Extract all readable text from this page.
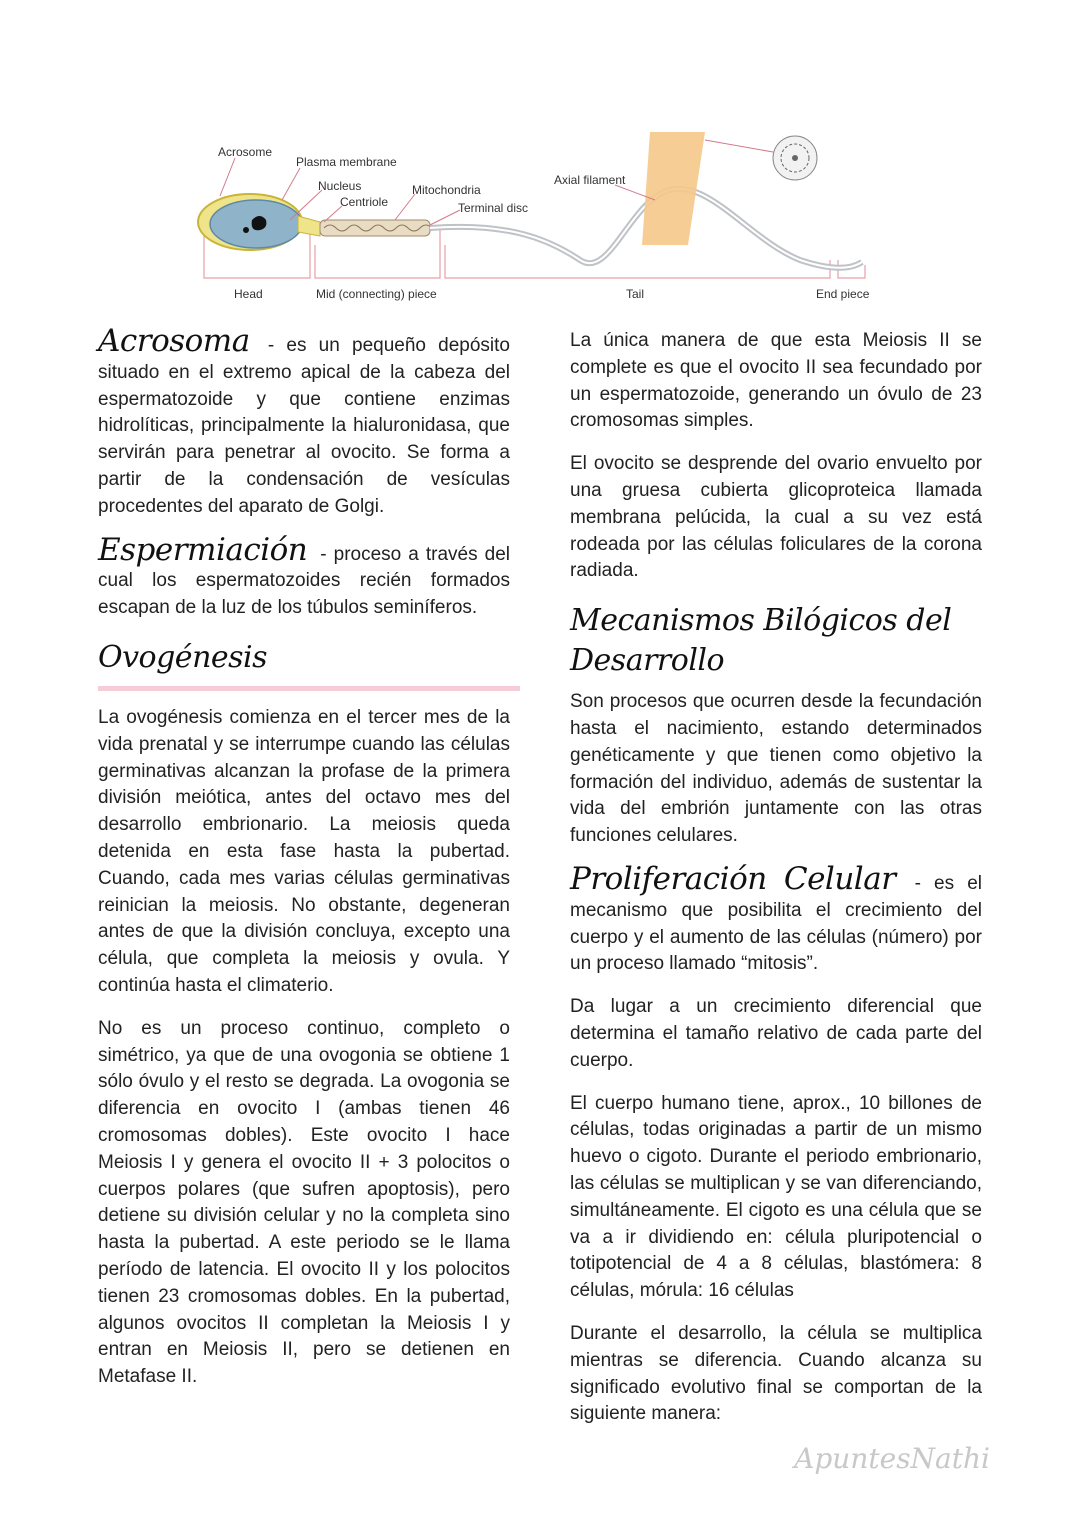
Acrosome
Plasma membrane
Nucleus
Centriole
Mitochondria
Terminal disc
Axial filament
Head	Mid (connecting) piece	Tail	End piece

Acrosoma - es un pequeño depósito situado en el extremo apical de la cabeza del espermatozoide y que contiene enzimas hidrolíticas, principalmente la hialuronidasa, que servirán para penetrar al ovocito. Se forma a partir de la condensación de vesículas procedentes del aparato de Golgi.

Espermiación - proceso a través del cual los espermatozoides recién formados escapan de la luz de los túbulos seminíferos.

Ovogénesis

La ovogénesis comienza en el tercer mes de la vida prenatal y se interrumpe cuando las células germinativas alcanzan la profase de la primera división meiótica, antes del octavo mes del desarrollo embrionario. La meiosis queda detenida en esta fase hasta la pubertad. Cuando, cada mes varias células germinativas reinician la meiosis. No obstante, degeneran antes de que la división concluya, excepto una célula, que completa la meiosis y ovula. Y continúa hasta el climaterio.

No es un proceso continuo, completo o simétrico, ya que de una ovogonia se obtiene 1 sólo óvulo y el resto se degrada. La ovogonia se diferencia en ovocito I (ambas tienen 46 cromosomas dobles). Este ovocito I hace Meiosis I y genera el ovocito II + 3 polocitos o cuerpos polares (que sufren apoptosis), pero detiene su división celular y no la completa sino hasta la pubertad. A este periodo se le llama período de latencia. El ovocito II y los polocitos tienen 23 cromosomas dobles. En la pubertad, algunos ovocitos II completan la Meiosis I y entran en Meiosis II, pero se detienen en Metafase II.

La única manera de que esta Meiosis II se complete es que el ovocito II sea fecundado por un espermatozoide, generando un óvulo de 23 cromosomas simples.

El ovocito se desprende del ovario envuelto por una gruesa cubierta glicoproteica llamada membrana pelúcida, la cual a su vez está rodeada por las células foliculares de la corona radiada.

Mecanismos Bilógicos del Desarrollo

Son procesos que ocurren desde la fecundación hasta el nacimiento, estando determinados genéticamente y que tienen como objetivo la formación del individuo, además de sustentar la vida del embrión juntamente con las otras funciones celulares.

Proliferación Celular - es el mecanismo que posibilita el crecimiento del cuerpo y el aumento de las células (número) por un proceso llamado “mitosis”.

Da lugar a un crecimiento diferencial que determina el tamaño relativo de cada parte del cuerpo.

El cuerpo humano tiene, aprox., 10 billones de células, todas originadas a partir de un mismo huevo o cigoto. Durante el periodo embrionario, las células se multiplican y se van diferenciando, simultáneamente. El cigoto es una célula que se va a ir dividiendo en: célula pluripotencial o totipotencial de 4 a 8 células, blastómera: 8 células, mórula: 16 células

Durante el desarrollo, la célula se multiplica mientras se diferencia. Cuando alcanza su significado evolutivo final se comportan de la siguiente manera:

ApuntesNathi
